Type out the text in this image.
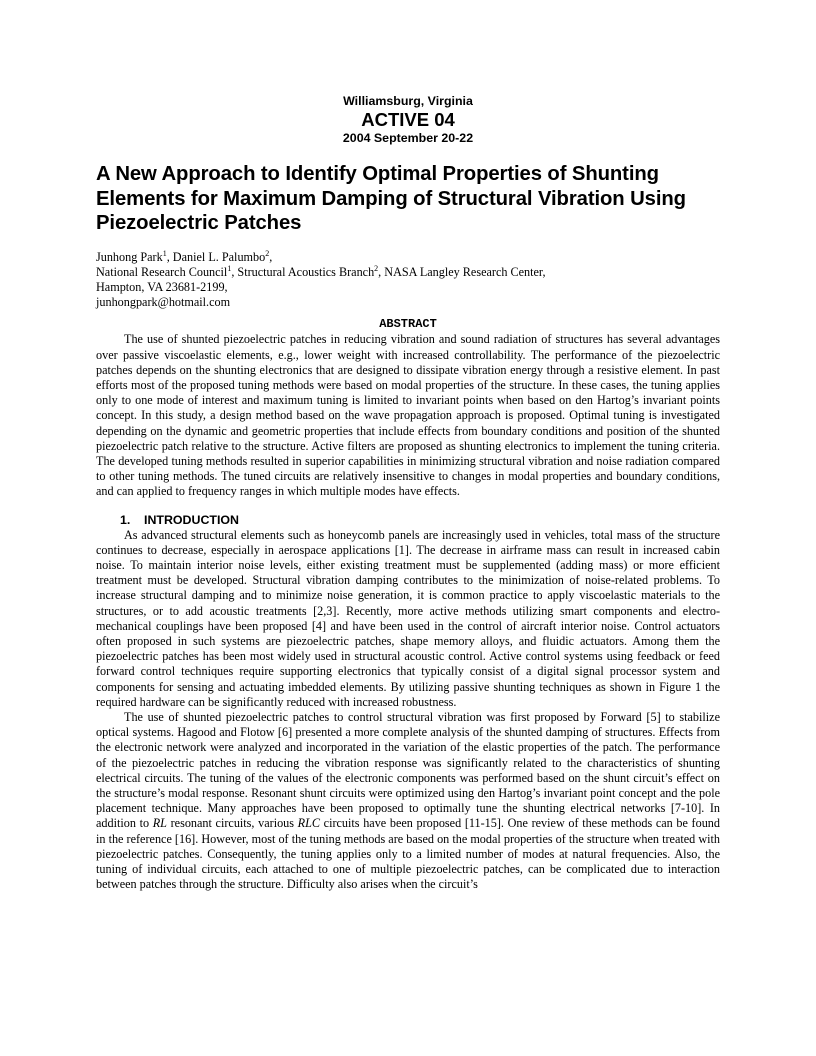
Williamsburg, Virginia
ACTIVE 04
2004 September 20-22
A New Approach to Identify Optimal Properties of Shunting Elements for Maximum Damping of Structural Vibration Using Piezoelectric Patches
Junhong Park$^1$, Daniel L. Palumbo$^2$,
National Research Council$^1$, Structural Acoustics Branch$^2$, NASA Langley Research Center,
Hampton, VA 23681-2199,
junhongpark@hotmail.com
ABSTRACT

The use of shunted piezoelectric patches in reducing vibration and sound radiation of structures has several advantages over passive viscoelastic elements, e.g., lower weight with increased controllability. The performance of the piezoelectric patches depends on the shunting electronics that are designed to dissipate vibration energy through a resistive element. In past efforts most of the proposed tuning methods were based on modal properties of the structure. In these cases, the tuning applies only to one mode of interest and maximum tuning is limited to invariant points when based on den Hartog’s invariant points concept. In this study, a design method based on the wave propagation approach is proposed. Optimal tuning is investigated depending on the dynamic and geometric properties that include effects from boundary conditions and position of the shunted piezoelectric patch relative to the structure. Active filters are proposed as shunting electronics to implement the tuning criteria. The developed tuning methods resulted in superior capabilities in minimizing structural vibration and noise radiation compared to other tuning methods. The tuned circuits are relatively insensitive to changes in modal properties and boundary conditions, and can applied to frequency ranges in which multiple modes have effects.

1. INTRODUCTION

As advanced structural elements such as honeycomb panels are increasingly used in vehicles, total mass of the structure continues to decrease, especially in aerospace applications [1]. The decrease in airframe mass can result in increased cabin noise. To maintain interior noise levels, either existing treatment must be supplemented (adding mass) or more efficient treatment must be developed. Structural vibration damping contributes to the minimization of noise-related problems. To increase structural damping and to minimize noise generation, it is common practice to apply viscoelastic materials to the structures, or to add acoustic treatments [2,3]. Recently, more active methods utilizing smart components and electro-mechanical couplings have been proposed [4] and have been used in the control of aircraft interior noise. Control actuators often proposed in such systems are piezoelectric patches, shape memory alloys, and fluidic actuators. Among them the piezoelectric patches has been most widely used in structural acoustic control. Active control systems using feedback or feed forward control techniques require supporting electronics that typically consist of a digital signal processor system and components for sensing and actuating imbedded elements. By utilizing passive shunting techniques as shown in Figure 1 the required hardware can be significantly reduced with increased robustness.

The use of shunted piezoelectric patches to control structural vibration was first proposed by Forward [5] to stabilize optical systems. Hagood and Flotow [6] presented a more complete analysis of the shunted damping of structures. Effects from the electronic network were analyzed and incorporated in the variation of the elastic properties of the patch. The performance of the piezoelectric patches in reducing the vibration response was significantly related to the characteristics of shunting electrical circuits. The tuning of the values of the electronic components was performed based on the shunt circuit’s effect on the structure’s modal response. Resonant shunt circuits were optimized using den Hartog’s invariant point concept and the pole placement technique. Many approaches have been proposed to optimally tune the shunting electrical networks [7-10]. In addition to RL resonant circuits, various RLC circuits have been proposed [11-15]. One review of these methods can be found in the reference [16]. However, most of the tuning methods are based on the modal properties of the structure when treated with piezoelectric patches. Consequently, the tuning applies only to a limited number of modes at natural frequencies. Also, the tuning of individual circuits, each attached to one of multiple piezoelectric patches, can be complicated due to interaction between patches through the structure. Difficulty also arises when the circuit’s
